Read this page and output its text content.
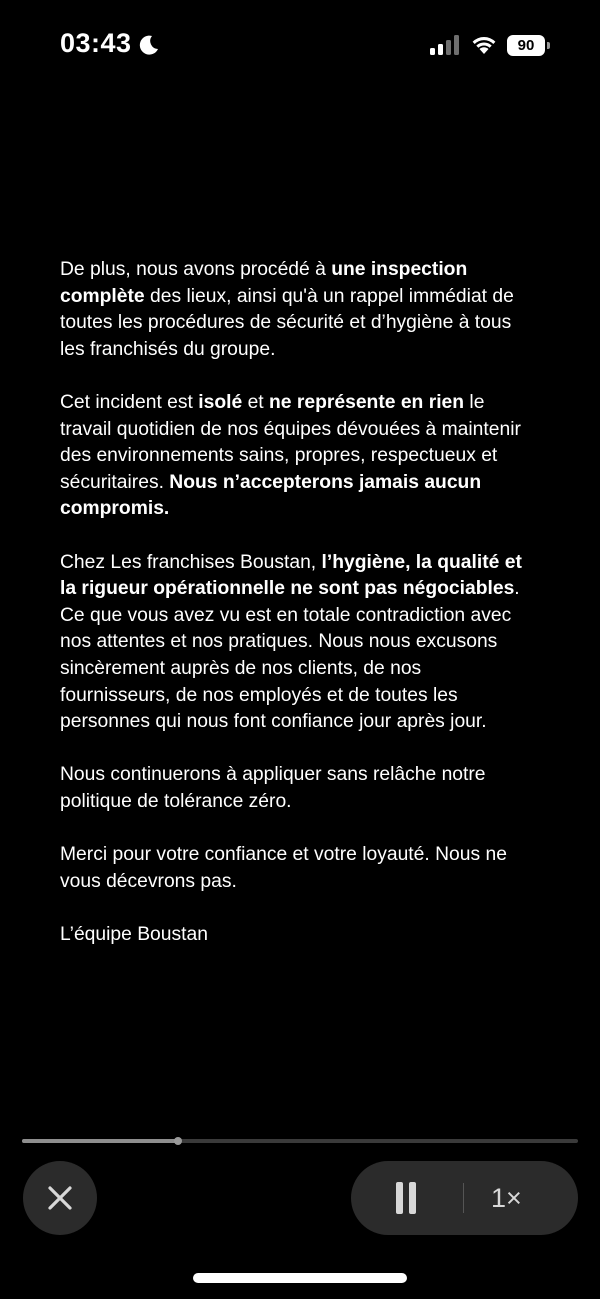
03:43	90

De plus, nous avons procédé à une inspection complète des lieux, ainsi qu'à un rappel immédiat de toutes les procédures de sécurité et d’hygiène à tous les franchisés du groupe.

Cet incident est isolé et ne représente en rien le travail quotidien de nos équipes dévouées à maintenir des environnements sains, propres, respectueux et sécuritaires. Nous n’accepterons jamais aucun compromis.

Chez Les franchises Boustan, l’hygiène, la qualité et la rigueur opérationnelle ne sont pas négociables. Ce que vous avez vu est en totale contradiction avec nos attentes et nos pratiques. Nous nous excusons sincèrement auprès de nos clients, de nos fournisseurs, de nos employés et de toutes les personnes qui nous font confiance jour après jour.

Nous continuerons à appliquer sans relâche notre politique de tolérance zéro.

Merci pour votre confiance et votre loyauté. Nous ne vous décevrons pas.

L’équipe Boustan

1×
